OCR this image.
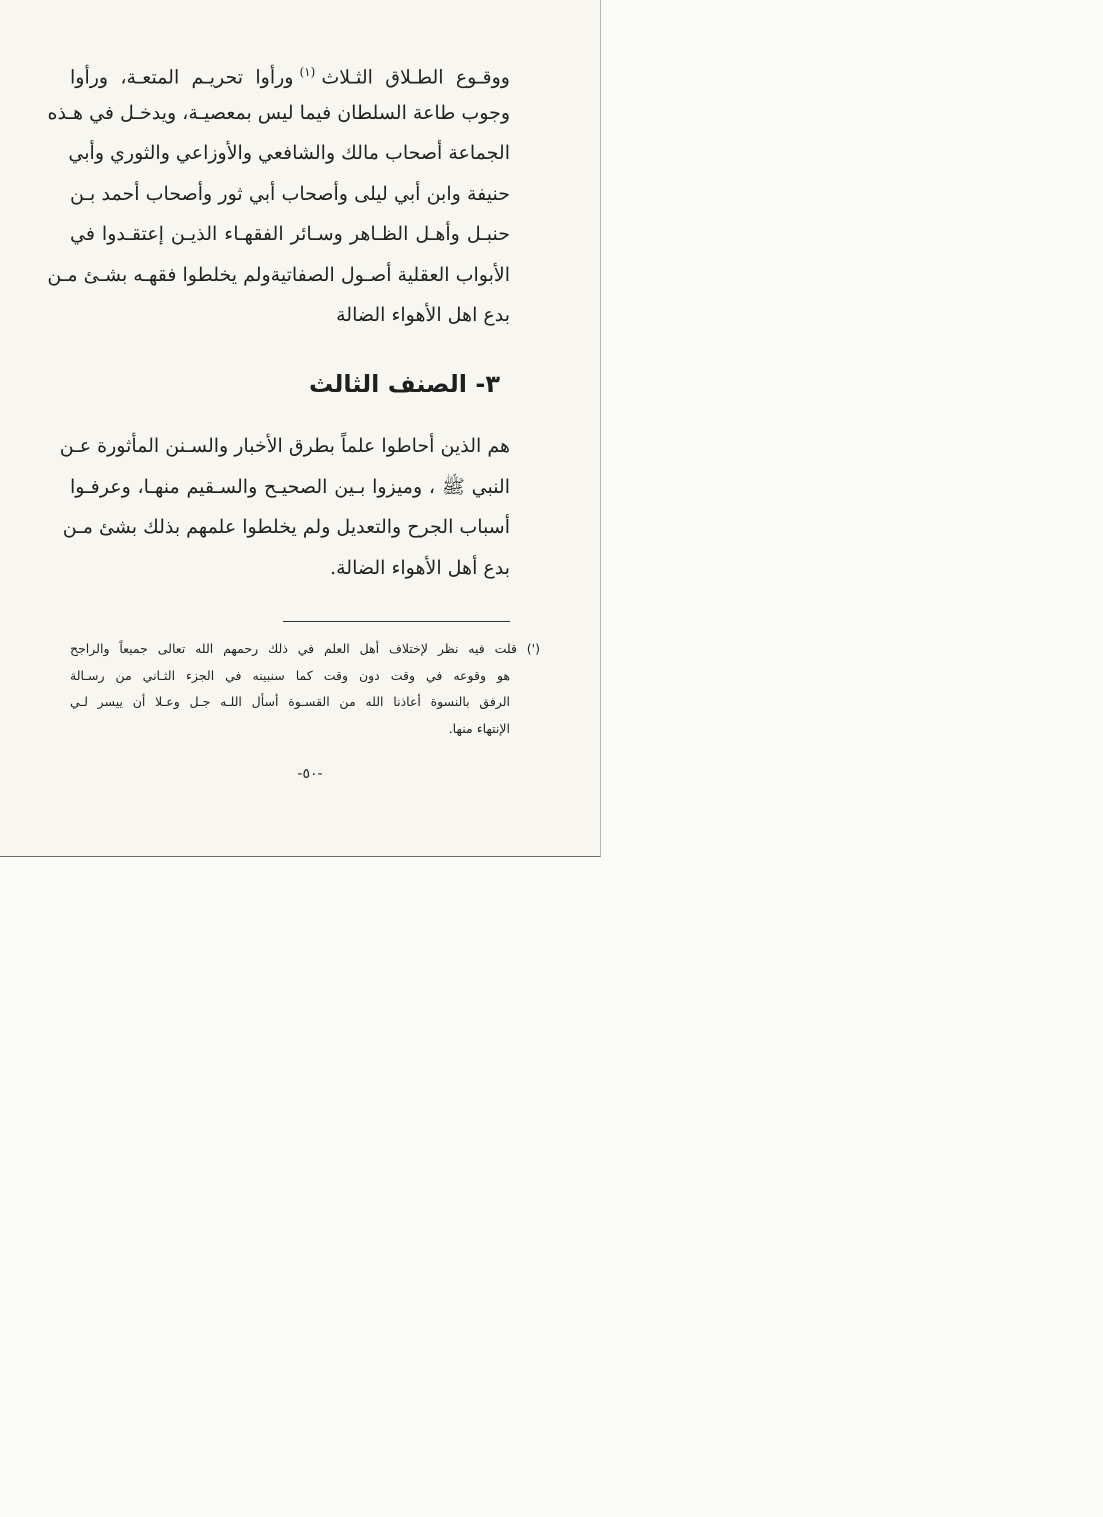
ووقـوع الطـلاق الثـلاث$^{(١)}$ورأوا تحريـم المتعـة، ورأوا
وجوب طاعة السلطان فيما ليس بمعصيـة، ويدخـل في هـذه
الجماعة أصحاب مالك والشافعي والأوزاعي والثوري وأبي
حنيفة وابن أبي ليلى وأصحاب أبي ثور وأصحاب أحمد بـن
حنبـل وأهـل الظـاهر وسـائر الفقهـاء الذيـن إعتقـدوا في
الأبواب العقلية أصـول الصفاتيةولم يخلطوا فقهـه بشـئ مـن
بدع اهل الأهواء الضالة
٣- الصنف الثالث
هم الذين أحاطوا علماً بطرق الأخبار والسـنن المأثورة عـن
النبي ﷺ ، وميزوا بـين الصحيـح والسـقيم منهـا، وعرفـوا
أسباب الجرح والتعديل ولم يخلطوا علمهم بذلك بشئ مـن
بدع أهل الأهواء الضالة.
(') قلت فيه نظر لإختلاف أهل العلم في ذلك رحمهم الله تعالى جميعاً والراجح
هو وقوعه في وقت دون وقت كما سنبينه في الجزء الثـاني من رسـالة
الرفق بالنسوة أعاذنا الله من القسـوة أسأل اللـه جـل وعـلا أن ييسر لـي
الإنتهاء منها.
-٥٠-
